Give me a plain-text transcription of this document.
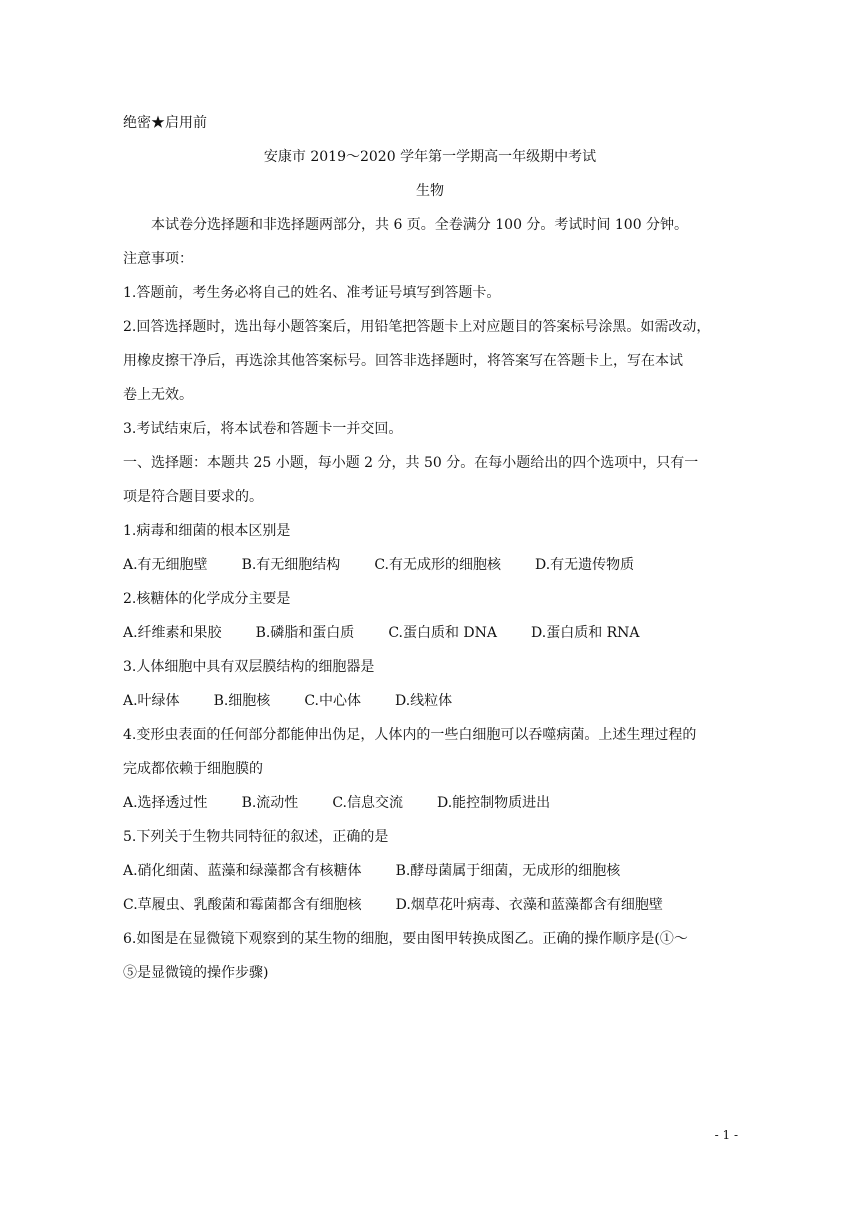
绝密★启用前
安康市 2019～2020 学年第一学期高一年级期中考试
生物
本试卷分选择题和非选择题两部分，共 6 页。全卷满分 100 分。考试时间 100 分钟。
注意事项：
1.答题前，考生务必将自己的姓名、准考证号填写到答题卡。
2.回答选择题时，选出每小题答案后，用铅笔把答题卡上对应题目的答案标号涂黑。如需改动，
用橡皮擦干净后，再选涂其他答案标号。回答非选择题时，将答案写在答题卡上，写在本试
卷上无效。
3.考试结束后，将本试卷和答题卡一并交回。
一、选择题：本题共 25 小题，每小题 2 分，共 50 分。在每小题给出的四个选项中，只有一
项是符合题目要求的。
1.病毒和细菌的根本区别是
A.有无细胞壁 B.有无细胞结构 C.有无成形的细胞核 D.有无遗传物质
2.核糖体的化学成分主要是
A.纤维素和果胶 B.磷脂和蛋白质 C.蛋白质和 DNA D.蛋白质和 RNA
3.人体细胞中具有双层膜结构的细胞器是
A.叶绿体 B.细胞核 C.中心体 D.线粒体
4.变形虫表面的任何部分都能伸出伪足，人体内的一些白细胞可以吞噬病菌。上述生理过程的
完成都依赖于细胞膜的
A.选择透过性 B.流动性 C.信息交流 D.能控制物质进出
5.下列关于生物共同特征的叙述，正确的是
A.硝化细菌、蓝藻和绿藻都含有核糖体 B.酵母菌属于细菌，无成形的细胞核
C.草履虫、乳酸菌和霉菌都含有细胞核 D.烟草花叶病毒、衣藻和蓝藻都含有细胞壁
6.如图是在显微镜下观察到的某生物的细胞，要由图甲转换成图乙。正确的操作顺序是(①～
⑤是显微镜的操作步骤)
- 1 -
